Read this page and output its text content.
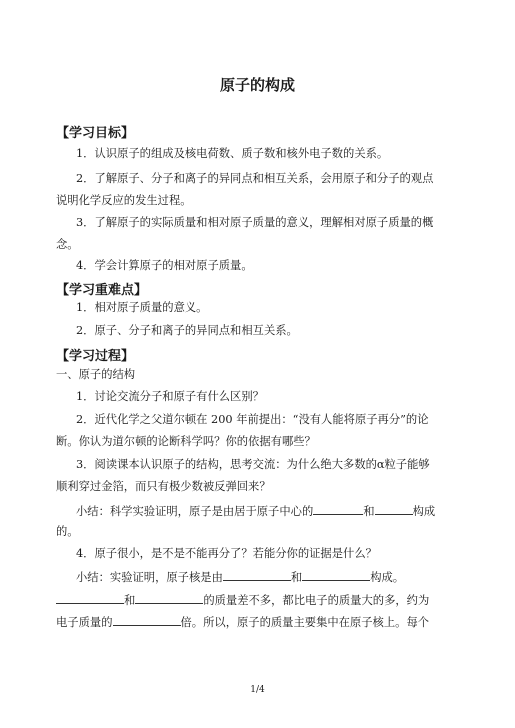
原子的构成
【学习目标】
1．认识原子的组成及核电荷数、质子数和核外电子数的关系。
2．了解原子、分子和离子的异同点和相互关系，会用原子和分子的观点
说明化学反应的发生过程。
3．了解原子的实际质量和相对原子质量的意义，理解相对原子质量的概
念。
4．学会计算原子的相对原子质量。
【学习重难点】
1．相对原子质量的意义。
2．原子、分子和离子的异同点和相互关系。
【学习过程】
一、原子的结构
1．讨论交流分子和原子有什么区别？
2．近代化学之父道尔顿在 200 年前提出：“没有人能将原子再分”的论
断。你认为道尔顿的论断科学吗？你的依据有哪些？
3．阅读课本认识原子的结构，思考交流：为什么绝大多数的α粒子能够
顺利穿过金箔，而只有极少数被反弹回来？
小结：科学实验证明，原子是由居于原子中心的	和	构成
的。
4．原子很小，是不是不能再分了？若能分你的证据是什么？
小结：实验证明，原子核是由	和	构成。
和	的质量差不多，都比电子的质量大的多，约为
电子质量的	倍。所以，原子的质量主要集中在原子核上。每个
1/4
